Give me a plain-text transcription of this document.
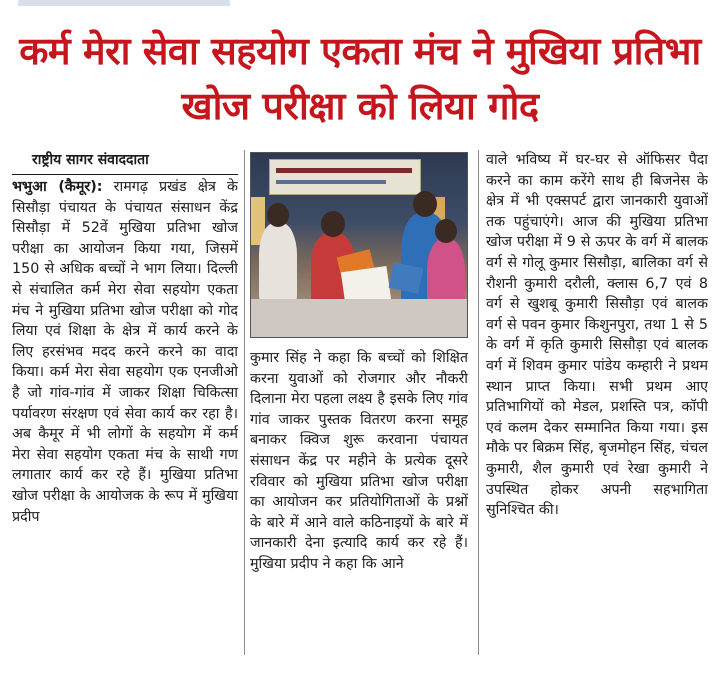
कर्म मेरा सेवा सहयोग एकता मंच ने मुखिया प्रतिभा खोज परीक्षा को लिया गोद
राष्ट्रीय सागर संवाददाता

भभुआ (कैमूर): रामगढ़ प्रखंड क्षेत्र के सिसौड़ा पंचायत के पंचायत संसाधन केंद्र सिसौड़ा में 52वें मुखिया प्रतिभा खोज परीक्षा का आयोजन किया गया, जिसमें 150 से अधिक बच्चों ने भाग लिया। दिल्ली से संचालित कर्म मेरा सेवा सहयोग एकता मंच ने मुखिया प्रतिभा खोज परीक्षा को गोद लिया एवं शिक्षा के क्षेत्र में कार्य करने के लिए हरसंभव मदद करने करने का वादा किया। कर्म मेरा सेवा सहयोग एक एनजीओ है जो गांव-गांव में जाकर शिक्षा चिकित्सा पर्यावरण संरक्षण एवं सेवा कार्य कर रहा है। अब कैमूर में भी लोगों के सहयोग में कर्म मेरा सेवा सहयोग एकता मंच के साथी गण लगातार कार्य कर रहे हैं। मुखिया प्रतिभा खोज परीक्षा के आयोजक के रूप में मुखिया प्रदीप

कुमार सिंह ने कहा कि बच्चों को शिक्षित करना युवाओं को रोजगार और नौकरी दिलाना मेरा पहला लक्ष्य है इसके लिए गांव गांव जाकर पुस्तक वितरण करना समूह बनाकर क्विज शुरू करवाना पंचायत संसाधन केंद्र पर महीने के प्रत्येक दूसरे रविवार को मुखिया प्रतिभा खोज परीक्षा का आयोजन कर प्रतियोगिताओं के प्रश्नों के बारे में आने वाले कठिनाइयों के बारे में जानकारी देना इत्यादि कार्य कर रहे हैं। मुखिया प्रदीप ने कहा कि आने

वाले भविष्य में घर-घर से ऑफिसर पैदा करने का काम करेंगे साथ ही बिजनेस के क्षेत्र में भी एक्सपर्ट द्वारा जानकारी युवाओं तक पहुंचाएंगे। आज की मुखिया प्रतिभा खोज परीक्षा में 9 से ऊपर के वर्ग में बालक वर्ग से गोलू कुमार सिसौड़ा, बालिका वर्ग से रौशनी कुमारी दरौली, क्लास 6,7 एवं 8 वर्ग से खुशबू कुमारी सिसौड़ा एवं बालक वर्ग से पवन कुमार किशुनपुरा, तथा 1 से 5 के वर्ग में कृति कुमारी सिसौड़ा एवं बालक वर्ग में शिवम कुमार पांडेय कम्हारी ने प्रथम स्थान प्राप्त किया। सभी प्रथम आए प्रतिभागियों को मेडल, प्रशस्ति पत्र, कॉपी एवं कलम देकर सम्मानित किया गया। इस मौके पर बिक्रम सिंह, बृजमोहन सिंह, चंचल कुमारी, शैल कुमारी एवं रेखा कुमारी ने उपस्थित होकर अपनी सहभागिता सुनिश्चित की।
